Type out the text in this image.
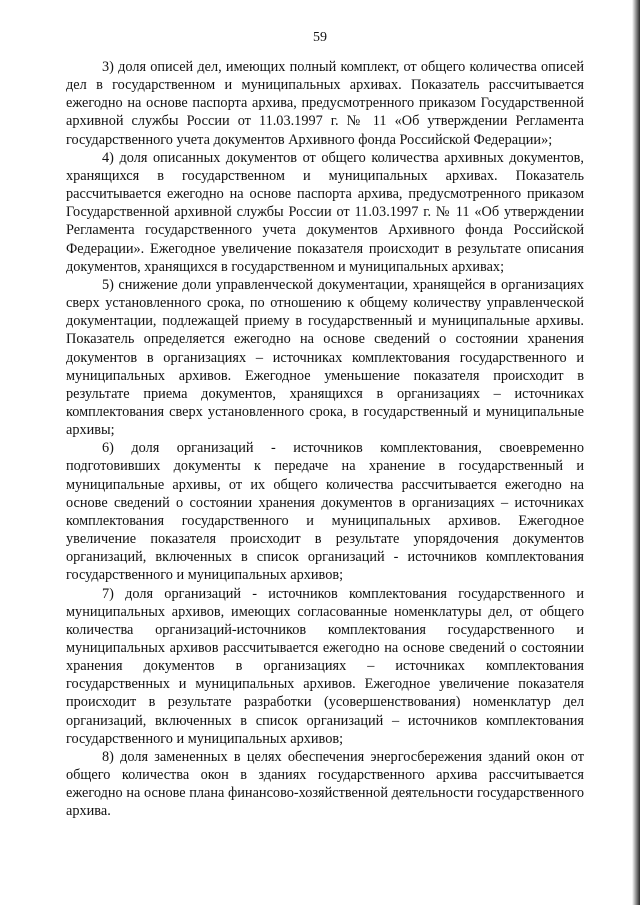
59

3) доля описей дел, имеющих полный комплект, от общего количества описей дел в государственном и муниципальных архивах. Показатель рассчитывается ежегодно на основе паспорта архива, предусмотренного приказом Государственной архивной службы России от 11.03.1997 г. № 11 «Об утверждении Регламента государственного учета документов Архивного фонда Российской Федерации»;

4) доля описанных документов от общего количества архивных документов, хранящихся в государственном и муниципальных архивах. Показатель рассчитывается ежегодно на основе паспорта архива, предусмотренного приказом Государственной архивной службы России от 11.03.1997 г. № 11 «Об утверждении Регламента государственного учета документов Архивного фонда Российской Федерации». Ежегодное увеличение показателя происходит в результате описания документов, хранящихся в государственном и муниципальных архивах;

5) снижение доли управленческой документации, хранящейся в организациях сверх установленного срока, по отношению к общему количеству управленческой документации, подлежащей приему в государственный и муниципальные архивы. Показатель определяется ежегодно на основе сведений о состоянии хранения документов в организациях – источниках комплектования государственного и муниципальных архивов. Ежегодное уменьшение показателя происходит в результате приема документов, хранящихся в организациях – источниках комплектования сверх установленного срока, в государственный и муниципальные архивы;

6) доля организаций - источников комплектования, своевременно подготовивших документы к передаче на хранение в государственный и муниципальные архивы, от их общего количества рассчитывается ежегодно на основе сведений о состоянии хранения документов в организациях – источниках комплектования государственного и муниципальных архивов. Ежегодное увеличение показателя происходит в результате упорядочения документов организаций, включенных в список организаций - источников комплектования государственного и муниципальных архивов;

7) доля организаций - источников комплектования государственного и муниципальных архивов, имеющих согласованные номенклатуры дел, от общего количества организаций-источников комплектования государственного и муниципальных архивов рассчитывается ежегодно на основе сведений о состоянии хранения документов в организациях – источниках комплектования государственных и муниципальных архивов. Ежегодное увеличение показателя происходит в результате разработки (усовершенствования) номенклатур дел организаций, включенных в список организаций – источников комплектования государственного и муниципальных архивов;

8) доля замененных в целях обеспечения энергосбережения зданий окон от общего количества окон в зданиях государственного архива рассчитывается ежегодно на основе плана финансово-хозяйственной деятельности государственного архива.
